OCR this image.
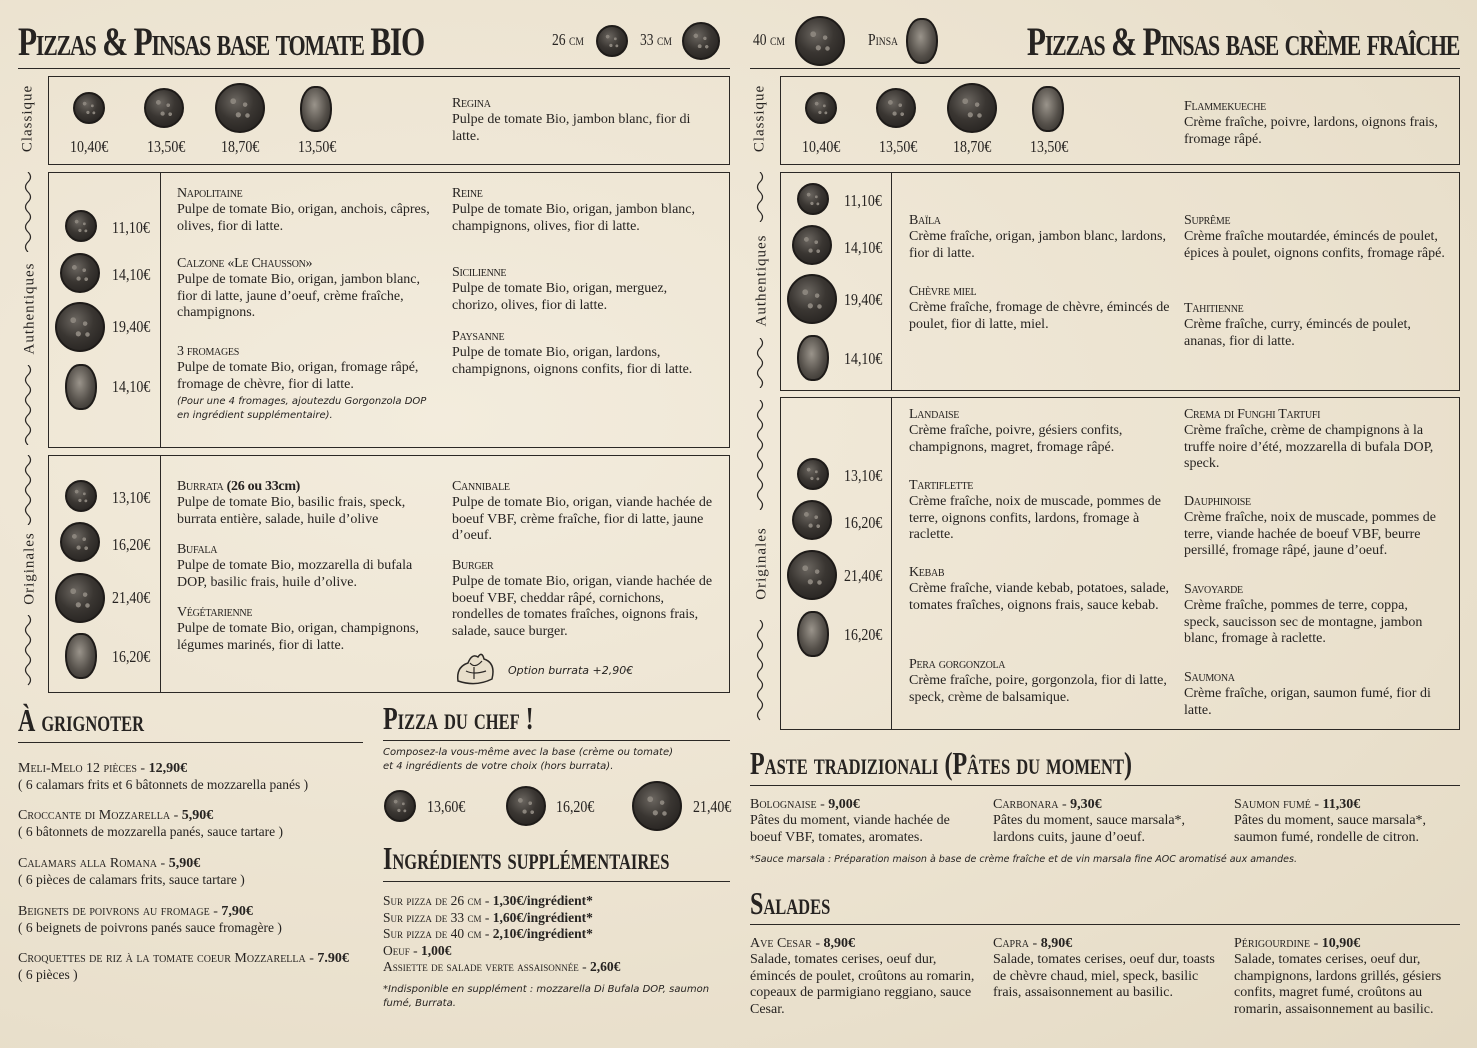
Pizzas & Pinsas base tomate BIO	Pizzas & Pinsas base crème fraîche
26 cm	33 cm	40 cm	Pinsa
Classique 10,40€ 13,50€ 18,70€ 13,50€
Regina
Pulpe de tomate Bio, jambon blanc, fior di latte.
Authentiques
11,10€
14,10€
19,40€
14,10€
Napolitaine
Pulpe de tomate Bio, origan, anchois, câpres, olives, fior di latte.
Calzone «Le Chausson»
Pulpe de tomate Bio, origan, jambon blanc, fior di latte, jaune d’oeuf, crème fraîche, champignons.
3 fromages
Pulpe de tomate Bio, origan, fromage râpé, fromage de chèvre, fior di latte.
(Pour une 4 fromages, ajoutezdu Gorgonzola DOP en ingrédient supplémentaire).
Reine
Pulpe de tomate Bio, origan, jambon blanc, champignons, olives, fior di latte.
Sicilienne
Pulpe de tomate Bio, origan, merguez, chorizo, olives, fior di latte.
Paysanne
Pulpe de tomate Bio, origan, lardons, champignons, oignons confits, fior di latte.
Originales
13,10€
16,20€
21,40€
16,20€
Burrata (26 ou 33cm)
Pulpe de tomate Bio, basilic frais, speck, burrata entière, salade, huile d’olive
Bufala
Pulpe de tomate Bio, mozzarella di bufala DOP, basilic frais, huile d’olive.
Végétarienne
Pulpe de tomate Bio, origan, champignons, légumes marinés, fior di latte.
Cannibale
Pulpe de tomate Bio, origan, viande hachée de boeuf VBF, crème fraîche, fior di latte, jaune d’oeuf.
Burger
Pulpe de tomate Bio, origan, viande hachée de boeuf VBF, cheddar râpé, cornichons, rondelles de tomates fraîches, oignons frais, salade, sauce burger.
Option burrata +2,90€
Classique 10,40€ 13,50€ 18,70€ 13,50€
Flammekueche
Crème fraîche, poivre, lardons, oignons frais, fromage râpé.
Authentiques
11,10€
14,10€
19,40€
14,10€
Baïla
Crème fraîche, origan, jambon blanc, lardons, fior di latte.
Chèvre miel
Crème fraîche, fromage de chèvre, émincés de poulet, fior di latte, miel.
Suprême
Crème fraîche moutardée, émincés de poulet, épices à poulet, oignons confits, fromage râpé.
Tahitienne
Crème fraîche, curry, émincés de poulet, ananas, fior di latte.
Originales
13,10€
16,20€
21,40€
16,20€
Landaise
Crème fraîche, poivre, gésiers confits, champignons, magret, fromage râpé.
Tartiflette
Crème fraîche, noix de muscade, pommes de terre, oignons confits, lardons, fromage à raclette.
Kebab
Crème fraîche, viande kebab, potatoes, salade, tomates fraîches, oignons frais, sauce kebab.
Pera gorgonzola
Crème fraîche, poire, gorgonzola, fior di latte, speck, crème de balsamique.
Crema di Funghi Tartufi
Crème fraîche, crème de champignons à la truffe noire d’été, mozzarella di bufala DOP, speck.
Dauphinoise
Crème fraîche, noix de muscade, pommes de terre, viande hachée de boeuf VBF, beurre persillé, fromage râpé, jaune d’oeuf.
Savoyarde
Crème fraîche, pommes de terre, coppa, speck, saucisson sec de montagne, jambon blanc, fromage à raclette.
Saumona
Crème fraîche, origan, saumon fumé, fior di latte.
À grignoter
Meli-Melo 12 pièces - 12,90€
( 6 calamars frits et 6 bâtonnets de mozzarella panés )
Croccante di Mozzarella - 5,90€
( 6 bâtonnets de mozzarella panés, sauce tartare )
Calamars alla Romana - 5,90€
( 6 pièces de calamars frits, sauce tartare )
Beignets de poivrons au fromage - 7,90€
( 6 beignets de poivrons panés sauce fromagère )
Croquettes de riz à la tomate coeur Mozzarella - 7.90€
( 6 pièces )
Pizza du chef !
Composez-la vous-même avec la base (crème ou tomate) et 4 ingrédients de votre choix (hors burrata).
13,60€	16,20€	21,40€
Ingrédients supplémentaires
Sur pizza de 26 cm - 1,30€/ingrédient*
Sur pizza de 33 cm - 1,60€/ingrédient*
Sur pizza de 40 cm - 2,10€/ingrédient*
Oeuf - 1,00€
Assiette de salade verte assaisonnée - 2,60€
*Indisponible en supplément : mozzarella Di Bufala DOP, saumon fumé, Burrata.
Paste tradizionali (Pâtes du moment)
Bolognaise - 9,00€
Pâtes du moment, viande hachée de boeuf VBF, tomates, aromates.
Carbonara - 9,30€
Pâtes du moment, sauce marsala*, lardons cuits, jaune d’oeuf.
Saumon fumé - 11,30€
Pâtes du moment, sauce marsala*, saumon fumé, rondelle de citron.
*Sauce marsala : Préparation maison à base de crème fraîche et de vin marsala fine AOC aromatisé aux amandes.
Salades
Ave Cesar - 8,90€
Salade, tomates cerises, oeuf dur, émincés de poulet, croûtons au romarin, copeaux de parmigiano reggiano, sauce Cesar.
Capra - 8,90€
Salade, tomates cerises, oeuf dur, toasts de chèvre chaud, miel, speck, basilic frais, assaisonnement au basilic.
Périgourdine - 10,90€
Salade, tomates cerises, oeuf dur, champignons, lardons grillés, gésiers confits, magret fumé, croûtons au romarin, assaisonnement au basilic.
